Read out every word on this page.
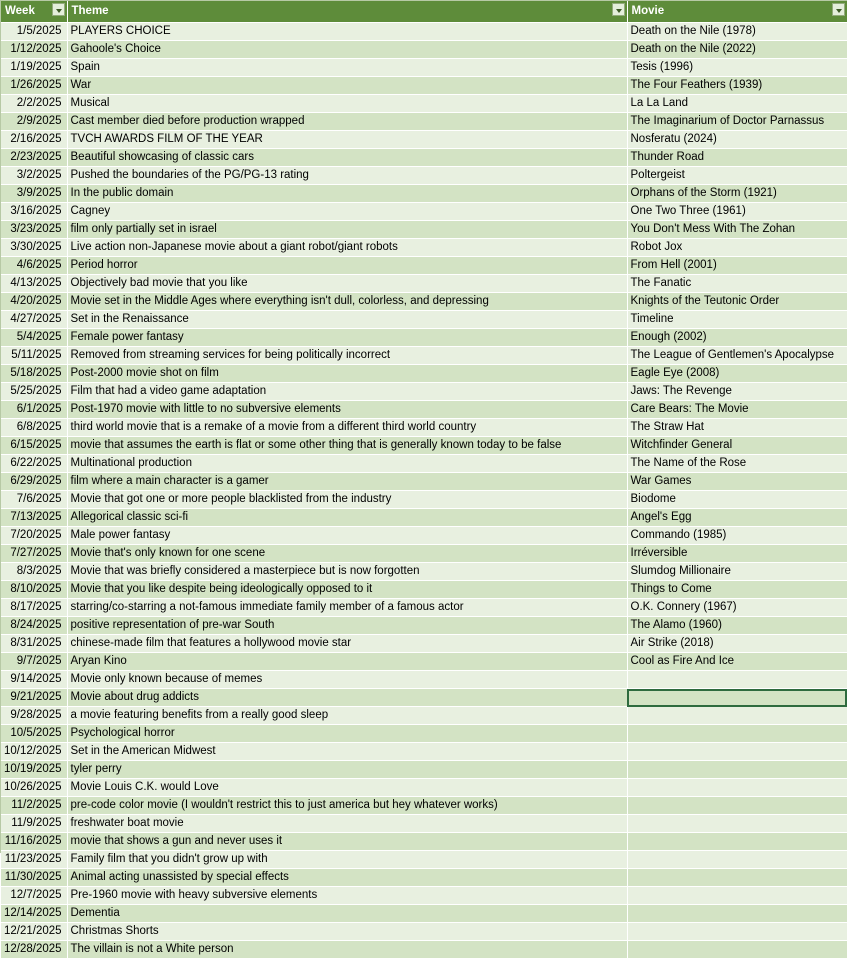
Week	Theme	Movie

1/5/2025	PLAYERS CHOICE	Death on the Nile (1978)
1/12/2025	Gahoole's Choice	Death on the Nile (2022)
1/19/2025	Spain	Tesis (1996)
1/26/2025	War	The Four Feathers (1939)
2/2/2025	Musical	La La Land
2/9/2025	Cast member died before production wrapped	The Imaginarium of Doctor Parnassus
2/16/2025	TVCH AWARDS FILM OF THE YEAR	Nosferatu (2024)
2/23/2025	Beautiful showcasing of classic cars	Thunder Road
3/2/2025	Pushed the boundaries of the PG/PG-13 rating	Poltergeist
3/9/2025	In the public domain	Orphans of the Storm (1921)
3/16/2025	Cagney	One Two Three (1961)
3/23/2025	film only partially set in israel	You Don't Mess With The Zohan
3/30/2025	Live action non-Japanese movie about a giant robot/giant robots	Robot Jox
4/6/2025	Period horror	From Hell (2001)
4/13/2025	Objectively bad movie that you like	The Fanatic
4/20/2025	Movie set in the Middle Ages where everything isn't dull, colorless, and depressing	Knights of the Teutonic Order
4/27/2025	Set in the Renaissance	Timeline
5/4/2025	Female power fantasy	Enough (2002)
5/11/2025	Removed from streaming services for being politically incorrect	The League of Gentlemen's Apocalypse
5/18/2025	Post-2000 movie shot on film	Eagle Eye (2008)
5/25/2025	Film that had a video game adaptation	Jaws: The Revenge
6/1/2025	Post-1970 movie with little to no subversive elements	Care Bears: The Movie
6/8/2025	third world movie that is a remake of a movie from a different third world country	The Straw Hat
6/15/2025	movie that assumes the earth is flat or some other thing that is generally known today to be false	Witchfinder General
6/22/2025	Multinational production	The Name of the Rose
6/29/2025	film where a main character is a gamer	War Games
7/6/2025	Movie that got one or more people blacklisted from the industry	Biodome
7/13/2025	Allegorical classic sci-fi	Angel's Egg
7/20/2025	Male power fantasy	Commando (1985)
7/27/2025	Movie that's only known for one scene	Irréversible
8/3/2025	Movie that was briefly considered a masterpiece but is now forgotten	Slumdog Millionaire
8/10/2025	Movie that you like despite being ideologically opposed to it	Things to Come
8/17/2025	starring/co-starring a not-famous immediate family member of a famous actor	O.K. Connery (1967)
8/24/2025	positive representation of pre-war South	The Alamo (1960)
8/31/2025	chinese-made film that features a hollywood movie star	Air Strike (2018)
9/7/2025	Aryan Kino	Cool as Fire And Ice
9/14/2025	Movie only known because of memes	
9/21/2025	Movie about drug addicts	
9/28/2025	a movie featuring benefits from a really good sleep	
10/5/2025	Psychological horror	
10/12/2025	Set in the American Midwest	
10/19/2025	tyler perry	
10/26/2025	Movie Louis C.K. would Love	
11/2/2025	pre-code color movie (I wouldn't restrict this to just america but hey whatever works)	
11/9/2025	freshwater boat movie	
11/16/2025	movie that shows a gun and never uses it	
11/23/2025	Family film that you didn't grow up with	
11/30/2025	Animal acting unassisted by special effects	
12/7/2025	Pre-1960 movie with heavy subversive elements	
12/14/2025	Dementia	
12/21/2025	Christmas Shorts	
12/28/2025	The villain is not a White person	
